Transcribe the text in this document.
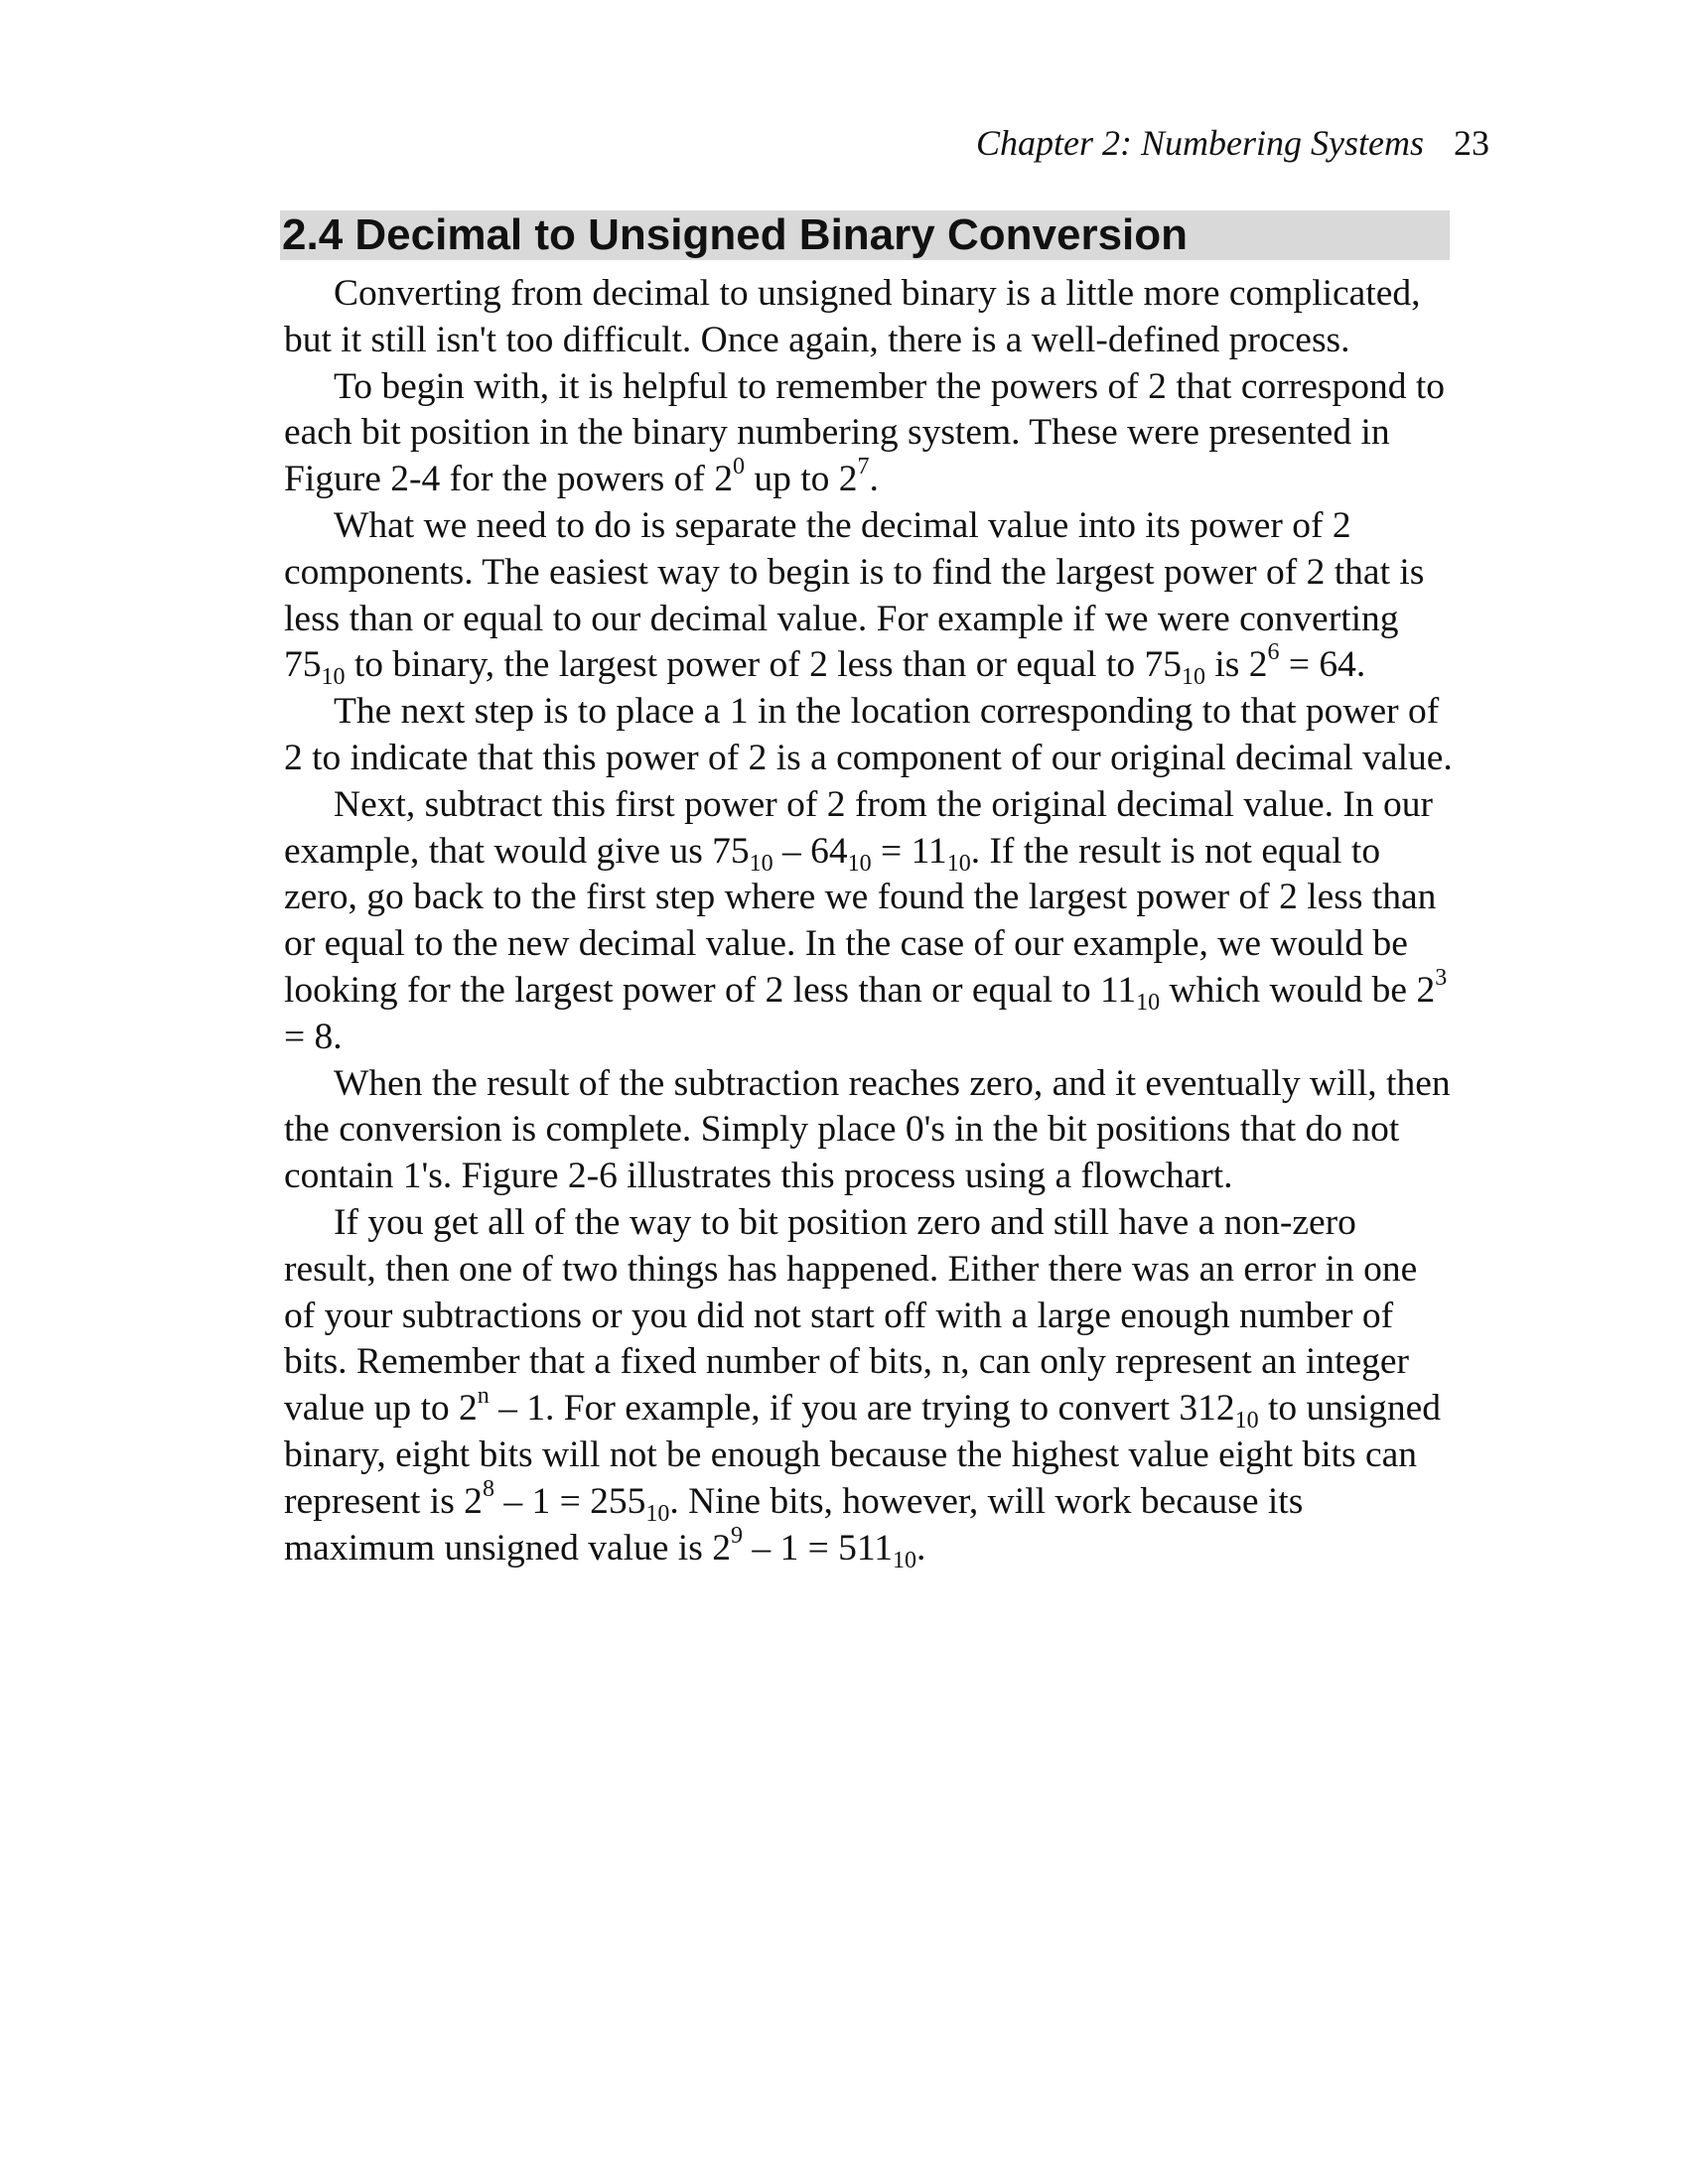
Chapter 2: Numbering Systems 23
2.4 Decimal to Unsigned Binary Conversion

Converting from decimal to unsigned binary is a little more complicated, but it still isn't too difficult. Once again, there is a well-defined process.

To begin with, it is helpful to remember the powers of 2 that correspond to each bit position in the binary numbering system. These were presented in Figure 2-4 for the powers of $2^0$ up to $2^7$.

What we need to do is separate the decimal value into its power of 2 components. The easiest way to begin is to find the largest power of 2 that is less than or equal to our decimal value. For example if we were converting $75_{10}$ to binary, the largest power of 2 less than or equal to $75_{10}$ is $2^6 = 64$.

The next step is to place a 1 in the location corresponding to that power of 2 to indicate that this power of 2 is a component of our original decimal value.

Next, subtract this first power of 2 from the original decimal value. In our example, that would give us $75_{10} - 64_{10} = 11_{10}$. If the result is not equal to zero, go back to the first step where we found the largest power of 2 less than or equal to the new decimal value. In the case of our example, we would be looking for the largest power of 2 less than or equal to $11_{10}$ which would be $2^3 = 8$.

When the result of the subtraction reaches zero, and it eventually will, then the conversion is complete. Simply place 0's in the bit positions that do not contain 1's. Figure 2-6 illustrates this process using a flowchart.

If you get all of the way to bit position zero and still have a non-zero result, then one of two things has happened. Either there was an error in one of your subtractions or you did not start off with a large enough number of bits. Remember that a fixed number of bits, n, can only represent an integer value up to 2$^n$ – 1. For example, if you are trying to convert $312_{10}$ to unsigned binary, eight bits will not be enough because the highest value eight bits can represent is $2^8 - 1 = 255_{10}$. Nine bits, however, will work because its maximum unsigned value is $2^9 - 1 = 511_{10}$.
